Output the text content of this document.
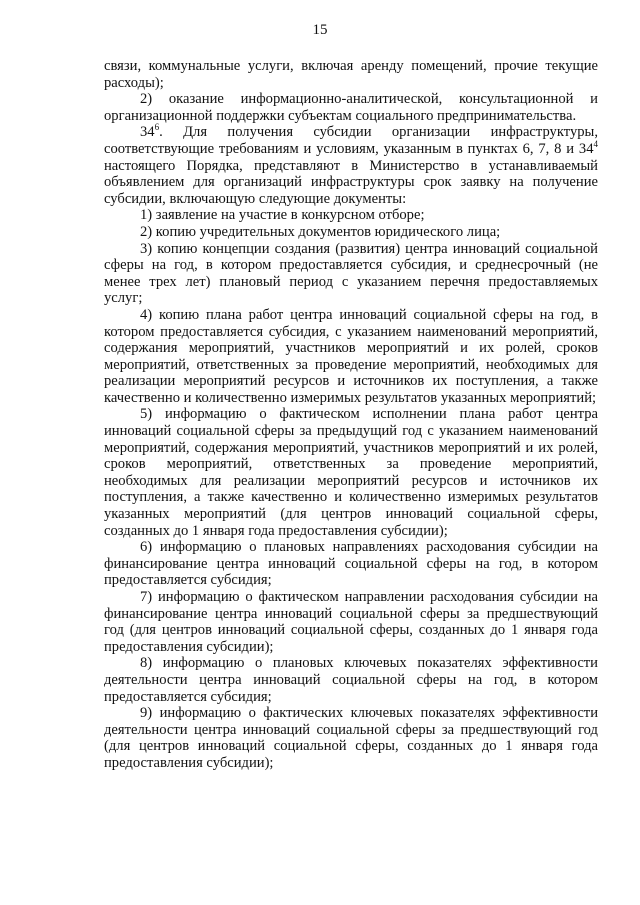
15

связи, коммунальные услуги, включая аренду помещений, прочие текущие расходы);

2) оказание информационно-аналитической, консультационной и организационной поддержки субъектам социального предпринимательства.

$34^6$. Для получения субсидии организации инфраструктуры, соответствующие требованиям и условиям, указанным в пунктах 6, 7, 8 и $34^4$ настоящего Порядка, представляют в Министерство в устанавливаемый объявлением для организаций инфраструктуры срок заявку на получение субсидии, включающую следующие документы:

1) заявление на участие в конкурсном отборе;

2) копию учредительных документов юридического лица;

3) копию концепции создания (развития) центра инноваций социальной сферы на год, в котором предоставляется субсидия, и среднесрочный (не менее трех лет) плановый период с указанием перечня предоставляемых услуг;

4) копию плана работ центра инноваций социальной сферы на год, в котором предоставляется субсидия, с указанием наименований мероприятий, содержания мероприятий, участников мероприятий и их ролей, сроков мероприятий, ответственных за проведение мероприятий, необходимых для реализации мероприятий ресурсов и источников их поступления, а также качественно и количественно измеримых результатов указанных мероприятий;

5) информацию о фактическом исполнении плана работ центра инноваций социальной сферы за предыдущий год с указанием наименований мероприятий, содержания мероприятий, участников мероприятий и их ролей, сроков мероприятий, ответственных за проведение мероприятий, необходимых для реализации мероприятий ресурсов и источников их поступления, а также качественно и количественно измеримых результатов указанных мероприятий (для центров инноваций социальной сферы, созданных до 1 января года предоставления субсидии);

6) информацию о плановых направлениях расходования субсидии на финансирование центра инноваций социальной сферы на год, в котором предоставляется субсидия;

7) информацию о фактическом направлении расходования субсидии на финансирование центра инноваций социальной сферы за предшествующий год (для центров инноваций социальной сферы, созданных до 1 января года предоставления субсидии);

8) информацию о плановых ключевых показателях эффективности деятельности центра инноваций социальной сферы на год, в котором предоставляется субсидия;

9) информацию о фактических ключевых показателях эффективности деятельности центра инноваций социальной сферы за предшествующий год (для центров инноваций социальной сферы, созданных до 1 января года предоставления субсидии);
